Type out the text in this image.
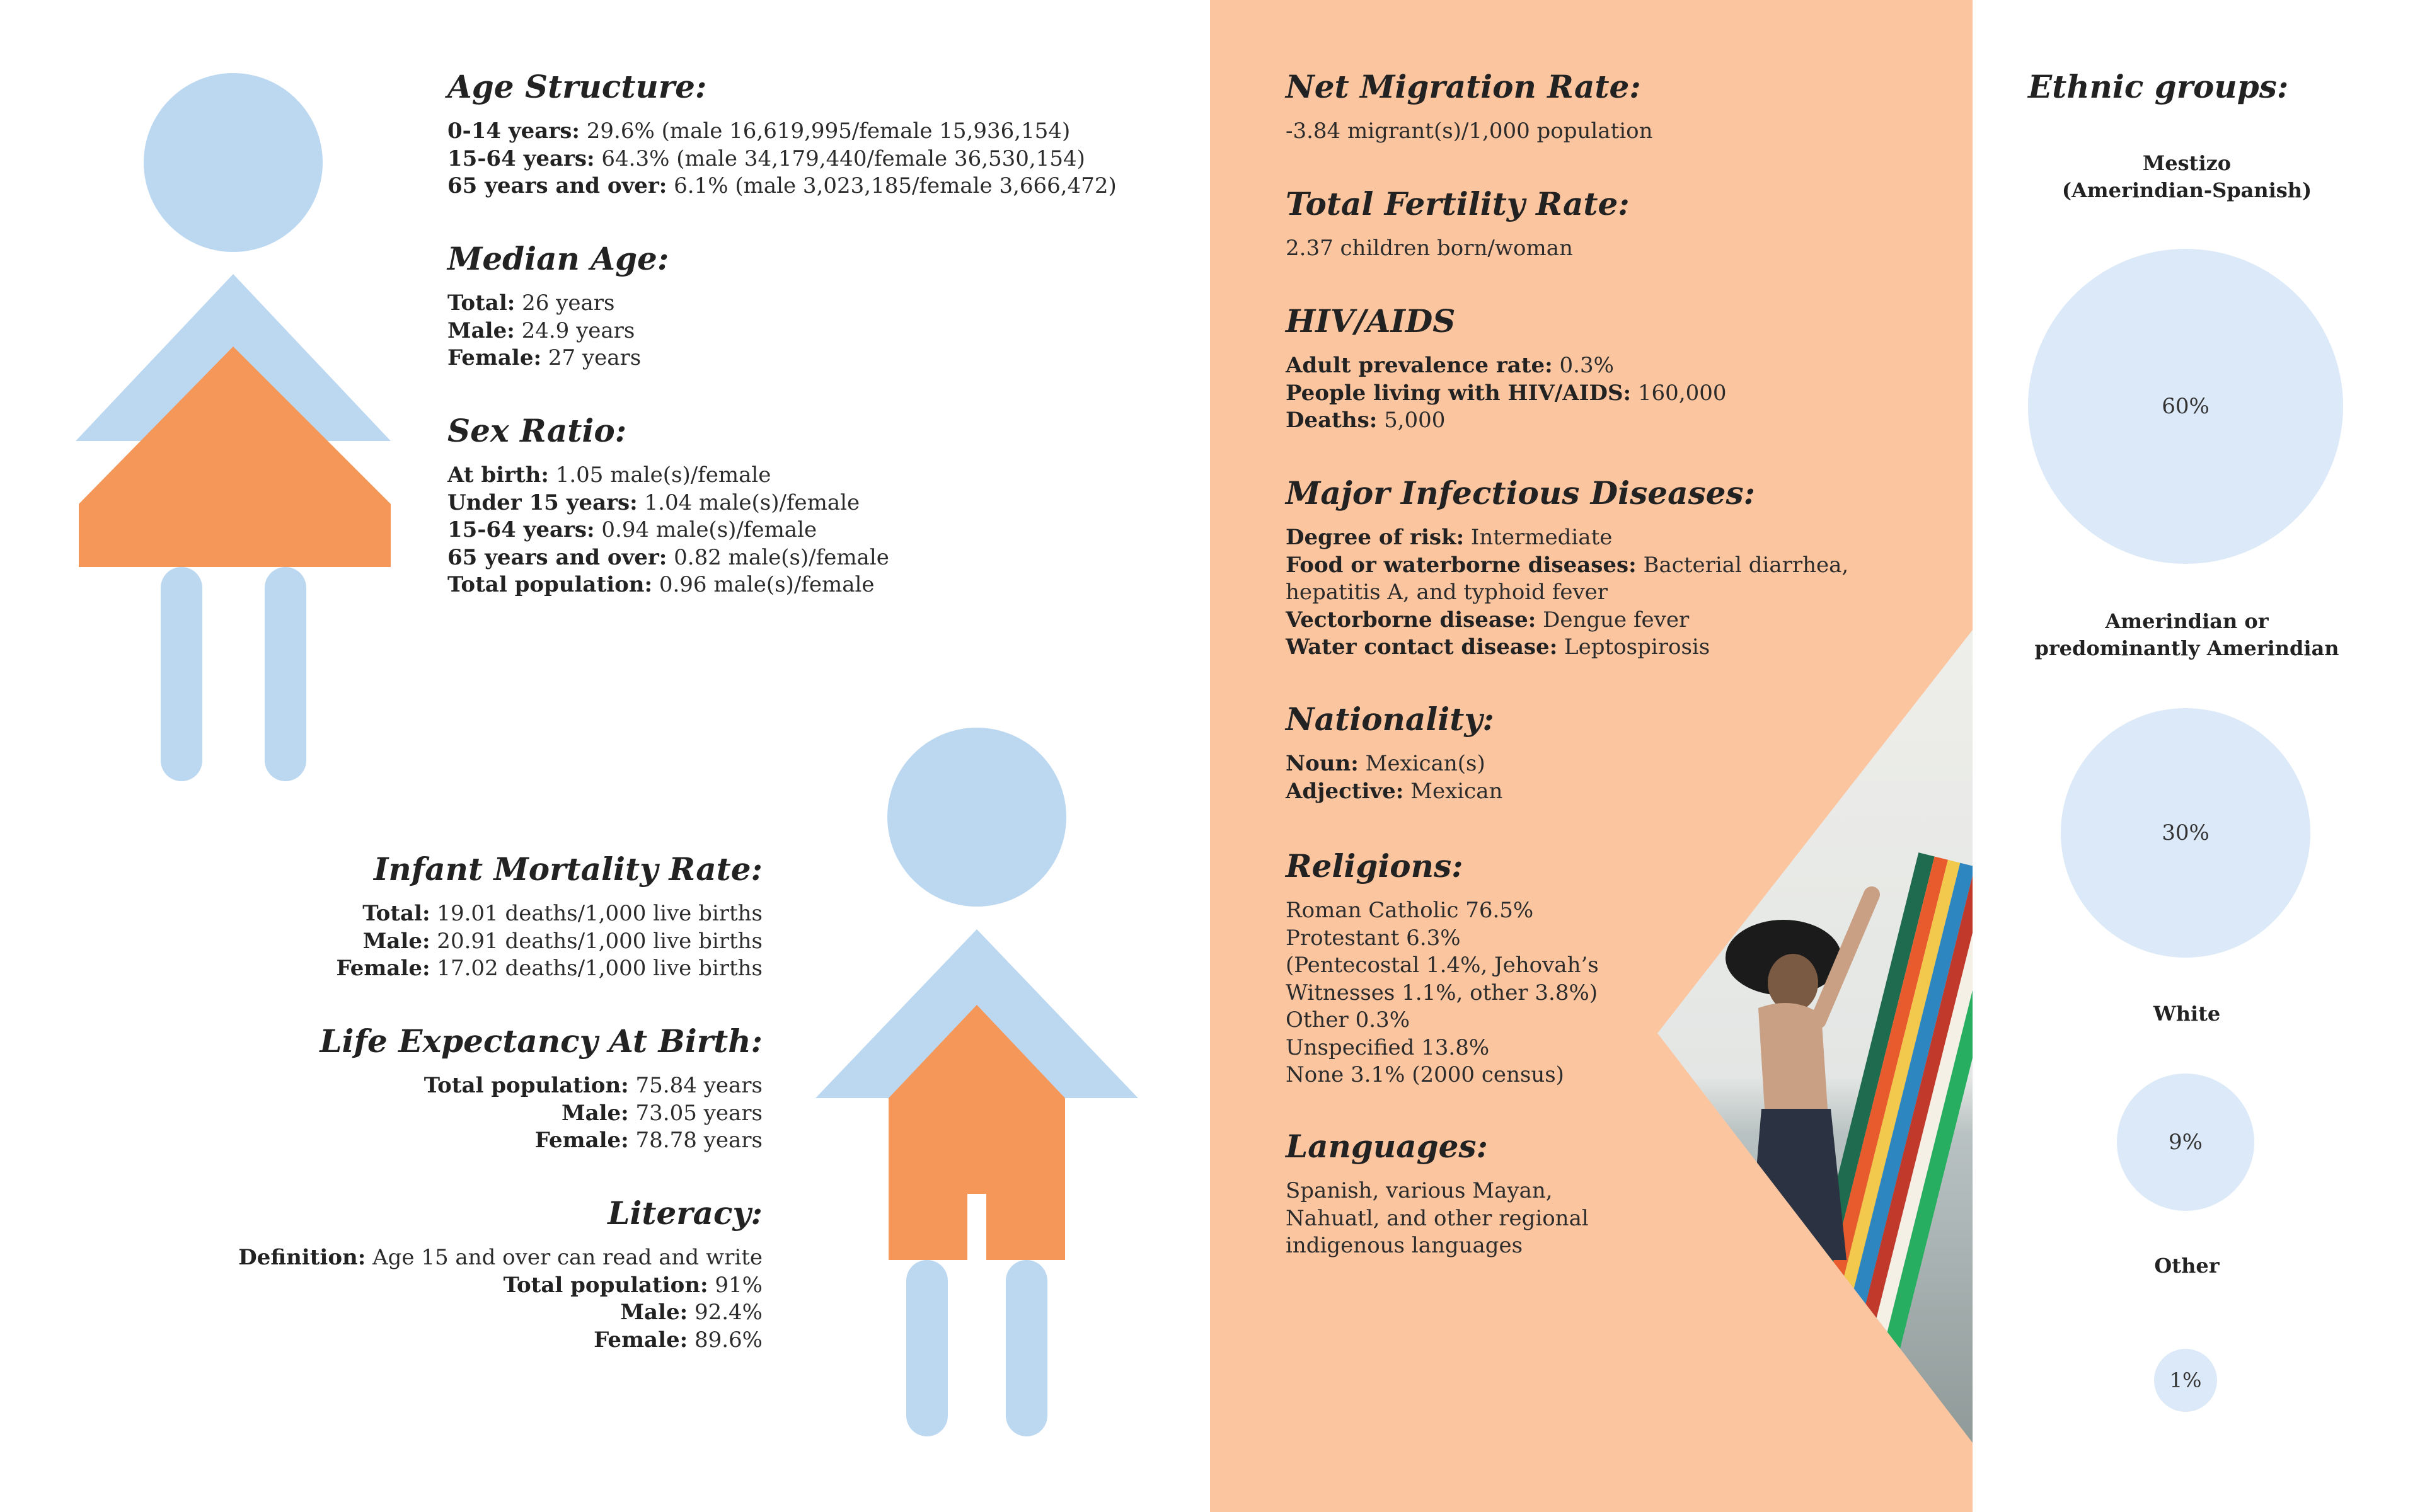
Age Structure:
0-14 years: 29.6% (male 16,619,995/female 15,936,154)
15-64 years: 64.3% (male 34,179,440/female 36,530,154)
65 years and over: 6.1% (male 3,023,185/female 3,666,472)
Median Age:
Total: 26 years
Male: 24.9 years
Female: 27 years
Sex Ratio:
At birth: 1.05 male(s)/female
Under 15 years: 1.04 male(s)/female
15-64 years: 0.94 male(s)/female
65 years and over: 0.82 male(s)/female
Total population: 0.96 male(s)/female
Infant Mortality Rate:
Total: 19.01 deaths/1,000 live births
Male: 20.91 deaths/1,000 live births
Female: 17.02 deaths/1,000 live births
Life Expectancy At Birth:
Total population: 75.84 years
Male: 73.05 years
Female: 78.78 years
Literacy:
Definition: Age 15 and over can read and write
Total population: 91%
Male: 92.4%
Female: 89.6%
Net Migration Rate:
-3.84 migrant(s)/1,000 population
Total Fertility Rate:
2.37 children born/woman
HIV/AIDS
Adult prevalence rate: 0.3%
People living with HIV/AIDS: 160,000
Deaths: 5,000
Major Infectious Diseases:
Degree of risk: Intermediate
Food or waterborne diseases: Bacterial diarrhea,
hepatitis A, and typhoid fever
Vectorborne disease: Dengue fever
Water contact disease: Leptospirosis
Nationality:
Noun: Mexican(s)
Adjective: Mexican
Religions:
Roman Catholic 76.5%
Protestant 6.3%
(Pentecostal 1.4%, Jehovah’s
Witnesses 1.1%, other 3.8%)
Other 0.3%
Unspecified 13.8%
None 3.1% (2000 census)
Languages:
Spanish, various Mayan,
Nahuatl, and other regional
indigenous languages
Ethnic groups:
Mestizo
(Amerindian-Spanish)
60%
Amerindian or
predominantly Amerindian
30%
White
9%
Other
1%
